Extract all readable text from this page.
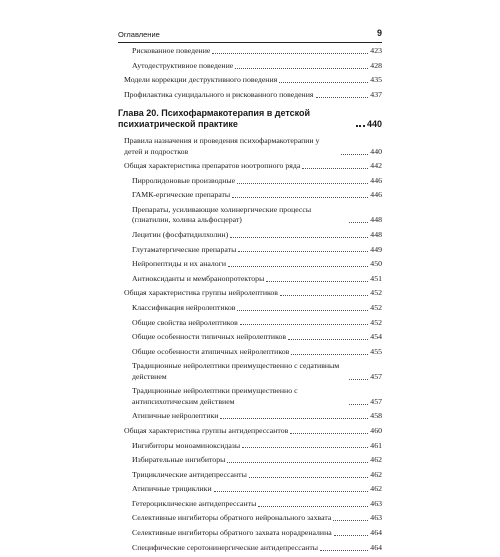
Оглавление	9
Рискованное поведение	423
Аутодеструктивное поведение	428
Модели коррекции деструктивного поведения	435
Профилактика суицидального и рискованного поведения	437
Глава 20. Психофармакотерапия в детской психиатрической практике	440
Правила назначения и проведения психофармакотерапии у детей и подростков	440
Общая характеристика препаратов ноотропного ряда	442
Пирролидоновые производные	446
ГАМК-ергические препараты	446
Препараты, усиливающие холинергические процессы (глиатилин, холина альфосцерат)	448
Лецитин (фосфатидилхолин)	448
Глутаматергические препараты	449
Нейропептиды и их аналоги	450
Антиоксиданты и мембранопротекторы	451
Общая характеристика группы нейролептиков	452
Классификация нейролептиков	452
Общие свойства нейролептиков	452
Общие особенности типичных нейролептиков	454
Общие особенности атипичных нейролептиков	455
Традиционные нейролептики преимущественно с седативным действием	457
Традиционные нейролептики преимущественно с антипсихотическим действием	457
Атипичные нейролептики	458
Общая характеристика группы антидепрессантов	460
Ингибиторы моноаминоксидазы	461
Избирательные ингибиторы	462
Трициклические антидепрессанты	462
Атипичные трициклики	462
Гетероциклические антидепрессанты	463
Селективные ингибиторы обратного нейронального захвата	463
Селективные ингибиторы обратного захвата норадреналина	464
Специфические серотонинергические антидепрессанты	464
